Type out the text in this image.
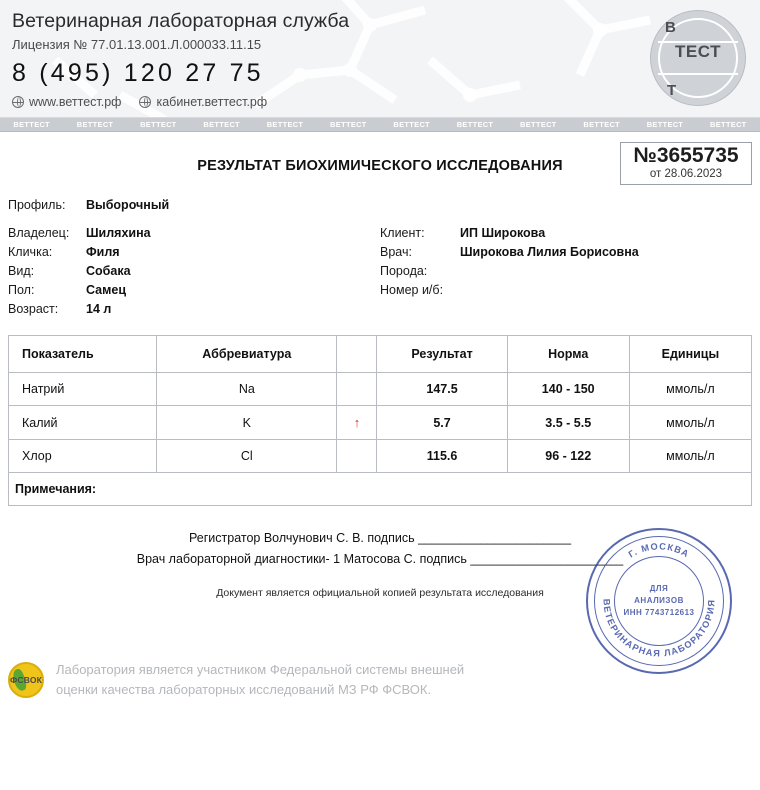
Ветеринарная лабораторная служба
Лицензия № 77.01.13.001.Л.000033.11.15
8 (495) 120 27 75
www.веттест.рф	кабинет.веттест.рф
В
ТЕСТ
Т
ВЕТТЕСТ	ВЕТТЕСТ	ВЕТТЕСТ	ВЕТТЕСТ	ВЕТТЕСТ	ВЕТТЕСТ	ВЕТТЕСТ	ВЕТТЕСТ	ВЕТТЕСТ	ВЕТТЕСТ	ВЕТТЕСТ	ВЕТТЕСТ
РЕЗУЛЬТАТ БИОХИМИЧЕСКОГО ИССЛЕДОВАНИЯ	№3655735
от 28.06.2023
Профиль:	Выборочный
Владелец:	Шиляхина
Кличка:	Филя
Вид:	Собака
Пол:	Самец
Возраст:	14 л
Клиент:	ИП Широкова
Врач:	Широкова Лилия Борисовна
Порода:
Номер и/б:
Показатель	Аббревиатура		Результат	Норма	Единицы
Натрий	Na		147.5	140 - 150	ммоль/л
Калий	K	↑	5.7	3.5 - 5.5	ммоль/л
Хлор	Cl		115.6	96 - 122	ммоль/л
Примечания:					
Регистратор Волчунович С. В. подпись ______________________
Врач лабораторной диагностики- 1 Матосова С. подпись ______________________
Документ является официальной копией результата исследования
Г. МОСКВА
ВЕТЕРИНАРНАЯ ЛАБОРАТОРИЯ
ДЛЯ
АНАЛИЗОВ
ИНН 7743712613
ФСВОК
Лаборатория является участником Федеральной системы внешней
оценки качества лабораторных исследований МЗ РФ ФСВОК.
